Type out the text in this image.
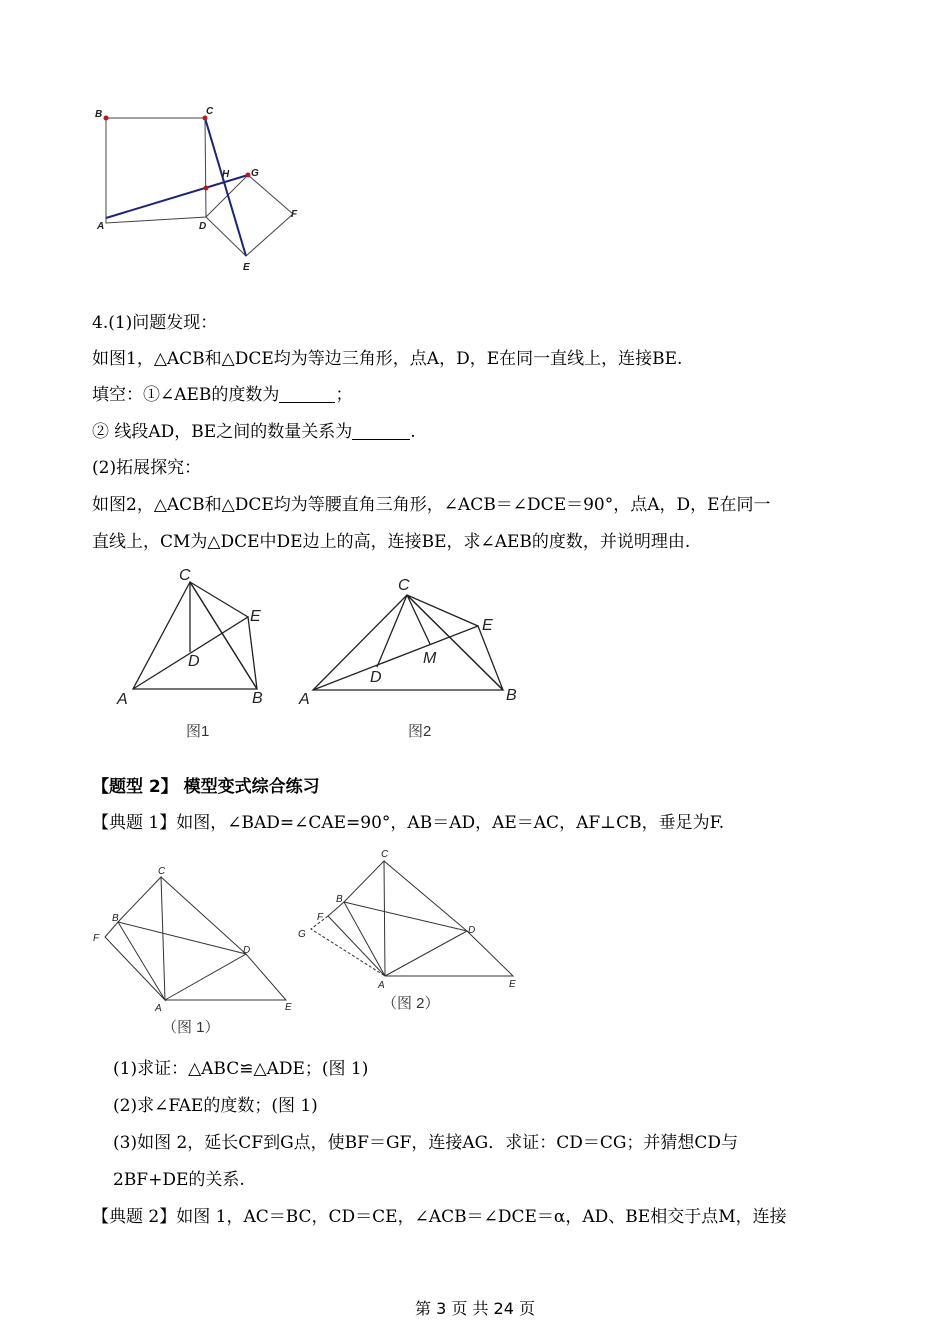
B	C
H G
A	D
F
E
4.(1)问题发现：
如图1，△ACB和△DCE均为等边三角形，点A，D，E在同一直线上，连接BE.
填空：①∠AEB的度数为	；
② 线段AD，BE之间的数量关系为	.
(2)拓展探究：
如图2，△ACB和△DCE均为等腰直角三角形，∠ACB＝∠DCE＝90°，点A，D，E在同一
直线上，CM为△DCE中DE边上的高，连接BE，求∠AEB的度数，并说明理由.
C
E
D
A	B
图1
C
E
M
D
A	B
图2
【题型 2】 模型变式综合练习
【典题 1】如图，∠BAD=∠CAE=90°，AB＝AD，AE＝AC，AF⊥CB，垂足为F.
C
B
F
D
A	E
（图 1）
C
B
F
G	D
A	E
（图 2）
(1)求证：△ABC≌△ADE；(图 1)
(2)求∠FAE的度数；(图 1)
(3)如图 2，延长CF到G点，使BF＝GF，连接AG．求证：CD＝CG；并猜想CD与
2BF+DE的关系.
【典题 2】如图 1，AC＝BC，CD＝CE，∠ACB＝∠DCE＝α，AD、BE相交于点M，连接
第 3 页 共 24 页
